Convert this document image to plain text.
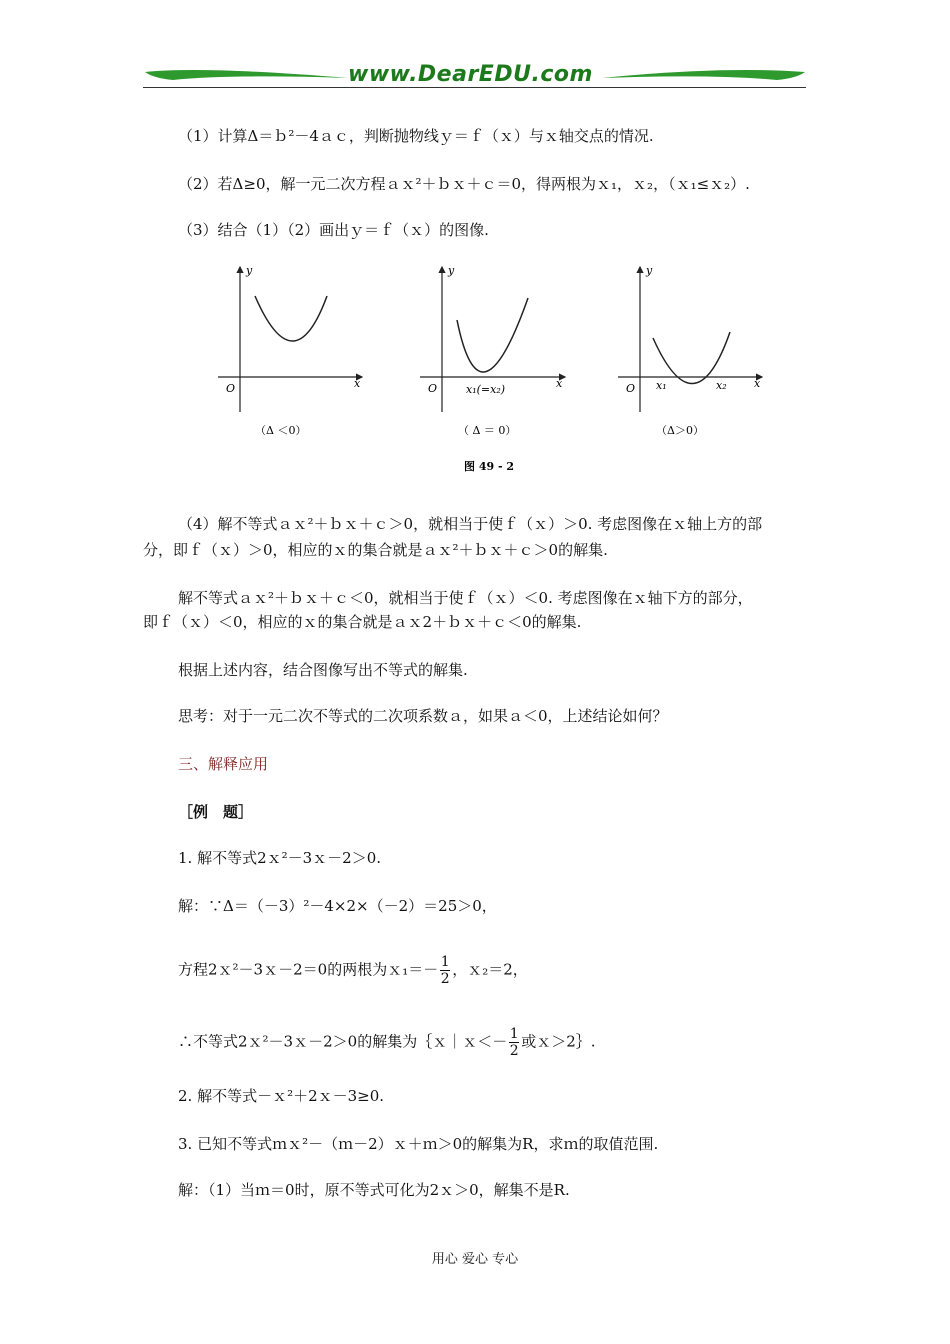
www.DearEDU.com
（1）计算Δ＝ｂ²－4ａｃ，判断抛物线ｙ＝ｆ（ｘ）与ｘ轴交点的情况.
（2）若Δ≥0，解一元二次方程ａｘ²＋ｂｘ＋ｃ＝0，得两根为ｘ₁，ｘ₂，（ｘ₁≤ｘ₂）.
（3）结合（1）（2）画出ｙ＝ｆ（ｘ）的图像.
y
x
O
（Δ ＜0）
y
x
O	x₁(=x₂)
（ Δ ＝ 0）
y
x
O x₁	x₂
（Δ＞0）
图 49 - 2
（4）解不等式ａｘ²＋ｂｘ＋ｃ＞0，就相当于使ｆ（ｘ）＞0. 考虑图像在ｘ轴上方的部
分，即ｆ（ｘ）＞0，相应的ｘ的集合就是ａｘ²＋ｂｘ＋ｃ＞0的解集.
解不等式ａｘ²＋ｂｘ＋ｃ＜0，就相当于使ｆ（ｘ）＜0. 考虑图像在ｘ轴下方的部分，
即ｆ（ｘ）＜0，相应的ｘ的集合就是ａｘ2＋ｂｘ＋ｃ＜0的解集.
根据上述内容，结合图像写出不等式的解集.
思考：对于一元二次不等式的二次项系数ａ，如果ａ＜0，上述结论如何？
三、解释应用
［例　题］
1. 解不等式2ｘ²－3ｘ－2＞0.
解：∵Δ＝（－3）²－4×2×（－2）＝25＞0，
方程2ｘ²－3ｘ－2＝0的两根为ｘ₁＝－ $\frac{1}{2}$ ，ｘ₂＝2，
∴不等式2ｘ²－3ｘ－2＞0的解集为｛ｘ｜ｘ＜－ $\frac{1}{2}$ 或ｘ＞2｝.
2. 解不等式－ｘ²＋2ｘ－3≥0.
3. 已知不等式ｍｘ²－（ｍ－2）ｘ＋ｍ＞0的解集为R，求ｍ的取值范围.
解：（1）当ｍ＝0时，原不等式可化为2ｘ＞0，解集不是R.
用心 爱心 专心
